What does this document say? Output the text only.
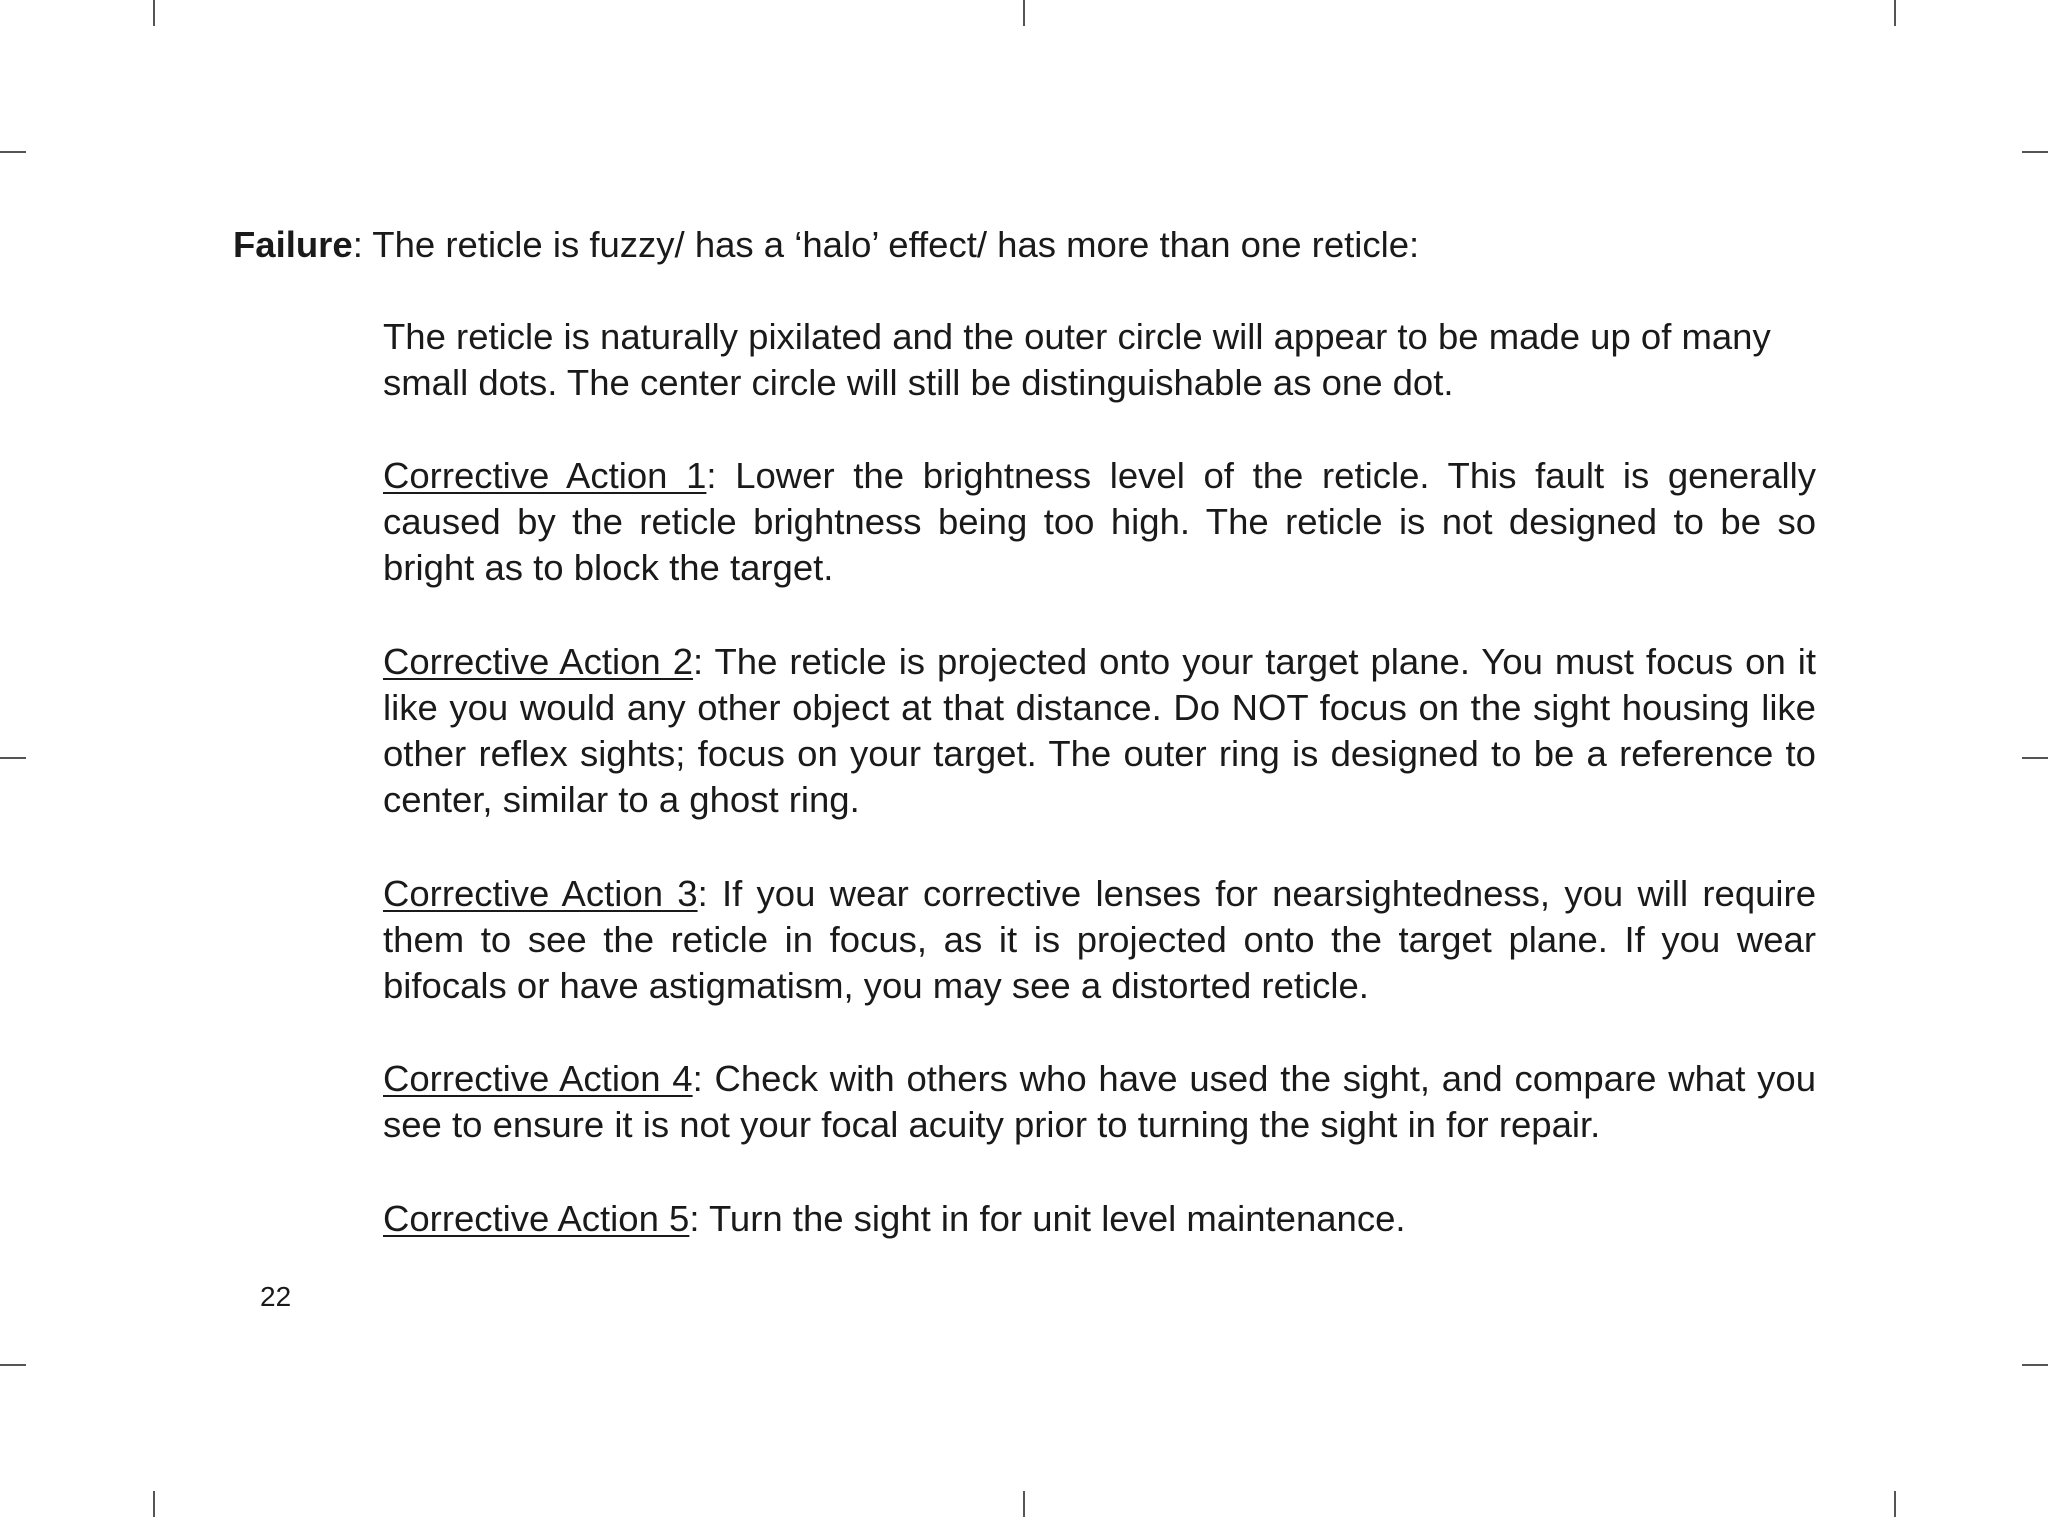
Failure: The reticle is fuzzy/ has a ‘halo’ effect/ has more than one reticle:

The reticle is naturally pixilated and the outer circle will appear to be made up of many small dots. The center circle will still be distinguishable as one dot.

Corrective Action 1: Lower the brightness level of the reticle. This fault is generally caused by the reticle brightness being too high. The reticle is not designed to be so bright as to block the target.

Corrective Action 2: The reticle is projected onto your target plane. You must focus on it like you would any other object at that distance. Do NOT focus on the sight housing like other reflex sights; focus on your target. The outer ring is designed to be a reference to center, similar to a ghost ring.

Corrective Action 3: If you wear corrective lenses for nearsightedness, you will require them to see the reticle in focus, as it is projected onto the target plane. If you wear bifocals or have astigmatism, you may see a distorted reticle.

Corrective Action 4: Check with others who have used the sight, and compare what you see to ensure it is not your focal acuity prior to turning the sight in for repair.

Corrective Action 5: Turn the sight in for unit level maintenance.

22
